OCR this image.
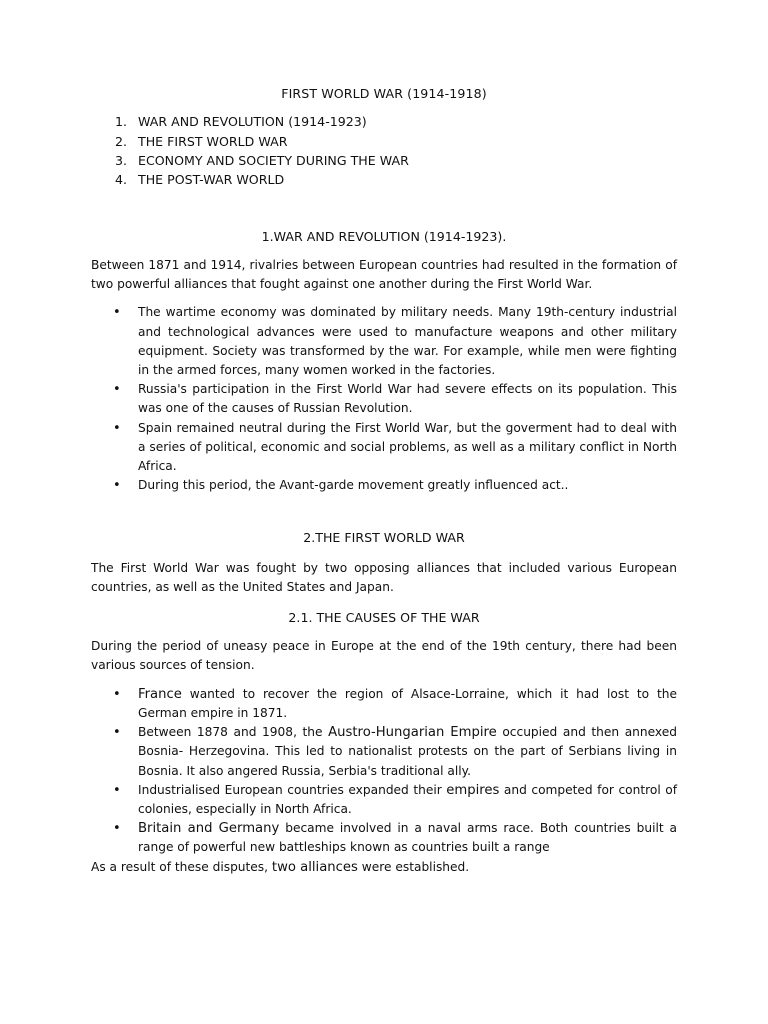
FIRST WORLD WAR (1914-1918)
1. WAR AND REVOLUTION (1914-1923)
2. THE FIRST WORLD WAR
3. ECONOMY AND SOCIETY DURING THE WAR
4. THE POST-WAR WORLD
1.WAR AND REVOLUTION (1914-1923).

Between 1871 and 1914, rivalries between European countries had resulted in the formation of two powerful alliances that fought against one another during the First World War.

• The wartime economy was dominated by military needs. Many 19th-century industrial and technological advances were used to manufacture weapons and other military equipment. Society was transformed by the war. For example, while men were fighting in the armed forces, many women worked in the factories.
• Russia's participation in the First World War had severe effects on its population. This was one of the causes of Russian Revolution.
• Spain remained neutral during the First World War, but the goverment had to deal with a series of political, economic and social problems, as well as a military conflict in North Africa.
• During this period, the Avant-garde movement greatly influenced act..
2.THE FIRST WORLD WAR

The First World War was fought by two opposing alliances that included various European countries, as well as the United States and Japan.

2.1. THE CAUSES OF THE WAR

During the period of uneasy peace in Europe at the end of the 19th century, there had been various sources of tension.

• France wanted to recover the region of Alsace-Lorraine, which it had lost to the German empire in 1871.
• Between 1878 and 1908, the Austro-Hungarian Empire occupied and then annexed Bosnia- Herzegovina. This led to nationalist protests on the part of Serbians living in Bosnia. It also angered Russia, Serbia's traditional ally.
• Industrialised European countries expanded their empires and competed for control of colonies, especially in North Africa.
• Britain and Germany became involved in a naval arms race. Both countries built a range of powerful new battleships known as countries built a range

As a result of these disputes, two alliances were established.
